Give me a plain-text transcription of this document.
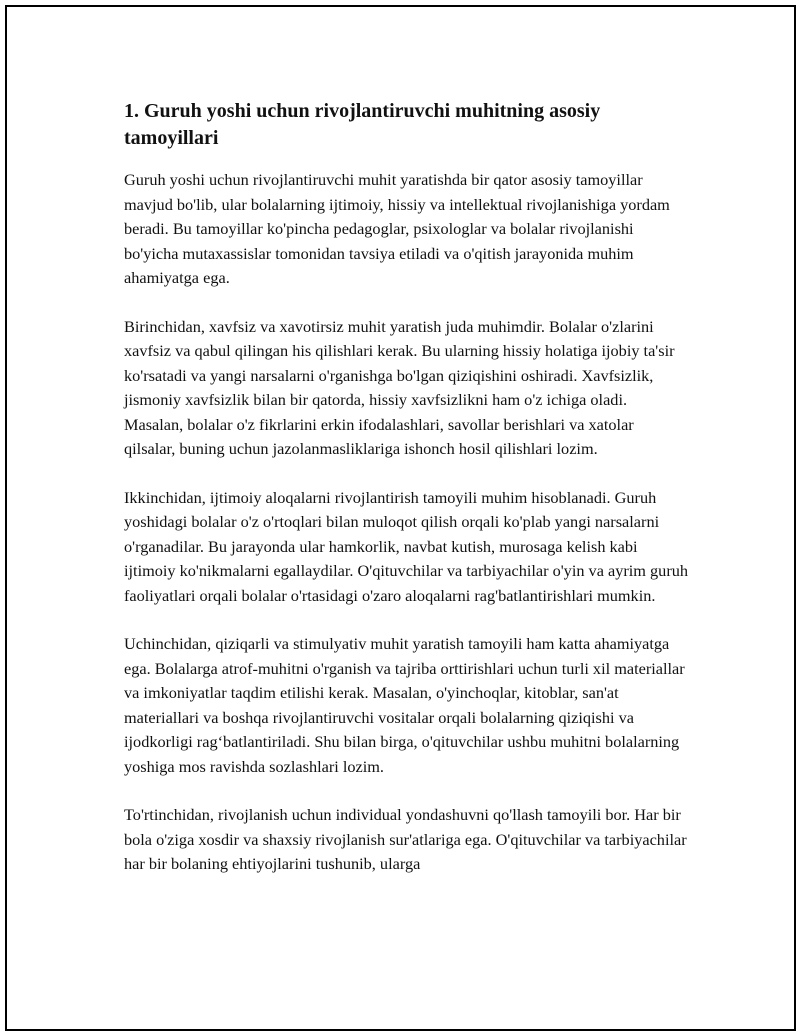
1. Guruh yoshi uchun rivojlantiruvchi muhitning asosiy tamoyillari

Guruh yoshi uchun rivojlantiruvchi muhit yaratishda bir qator asosiy tamoyillar mavjud bo'lib, ular bolalarning ijtimoiy, hissiy va intellektual rivojlanishiga yordam beradi. Bu tamoyillar ko'pincha pedagoglar, psixologlar va bolalar rivojlanishi bo'yicha mutaxassislar tomonidan tavsiya etiladi va o'qitish jarayonida muhim ahamiyatga ega.

Birinchidan, xavfsiz va xavotirsiz muhit yaratish juda muhimdir. Bolalar o'zlarini xavfsiz va qabul qilingan his qilishlari kerak. Bu ularning hissiy holatiga ijobiy ta'sir ko'rsatadi va yangi narsalarni o'rganishga bo'lgan qiziqishini oshiradi. Xavfsizlik, jismoniy xavfsizlik bilan bir qatorda, hissiy xavfsizlikni ham o'z ichiga oladi. Masalan, bolalar o'z fikrlarini erkin ifodalashlari, savollar berishlari va xatolar qilsalar, buning uchun jazolanmasliklariga ishonch hosil qilishlari lozim.

Ikkinchidan, ijtimoiy aloqalarni rivojlantirish tamoyili muhim hisoblanadi. Guruh yoshidagi bolalar o'z o'rtoqlari bilan muloqot qilish orqali ko'plab yangi narsalarni o'rganadilar. Bu jarayonda ular hamkorlik, navbat kutish, murosaga kelish kabi ijtimoiy ko'nikmalarni egallaydilar. O'qituvchilar va tarbiyachilar o'yin va ayrim guruh faoliyatlari orqali bolalar o'rtasidagi o'zaro aloqalarni rag'batlantirishlari mumkin.

Uchinchidan, qiziqarli va stimulyativ muhit yaratish tamoyili ham katta ahamiyatga ega. Bolalarga atrof-muhitni o'rganish va tajriba orttirishlari uchun turli xil materiallar va imkoniyatlar taqdim etilishi kerak. Masalan, o'yinchoqlar, kitoblar, san'at materiallari va boshqa rivojlantiruvchi vositalar orqali bolalarning qiziqishi va ijodkorligi rag‘batlantiriladi. Shu bilan birga, o'qituvchilar ushbu muhitni bolalarning yoshiga mos ravishda sozlashlari lozim.

To'rtinchidan, rivojlanish uchun individual yondashuvni qo'llash tamoyili bor. Har bir bola o'ziga xosdir va shaxsiy rivojlanish sur'atlariga ega. O'qituvchilar va tarbiyachilar har bir bolaning ehtiyojlarini tushunib, ularga
